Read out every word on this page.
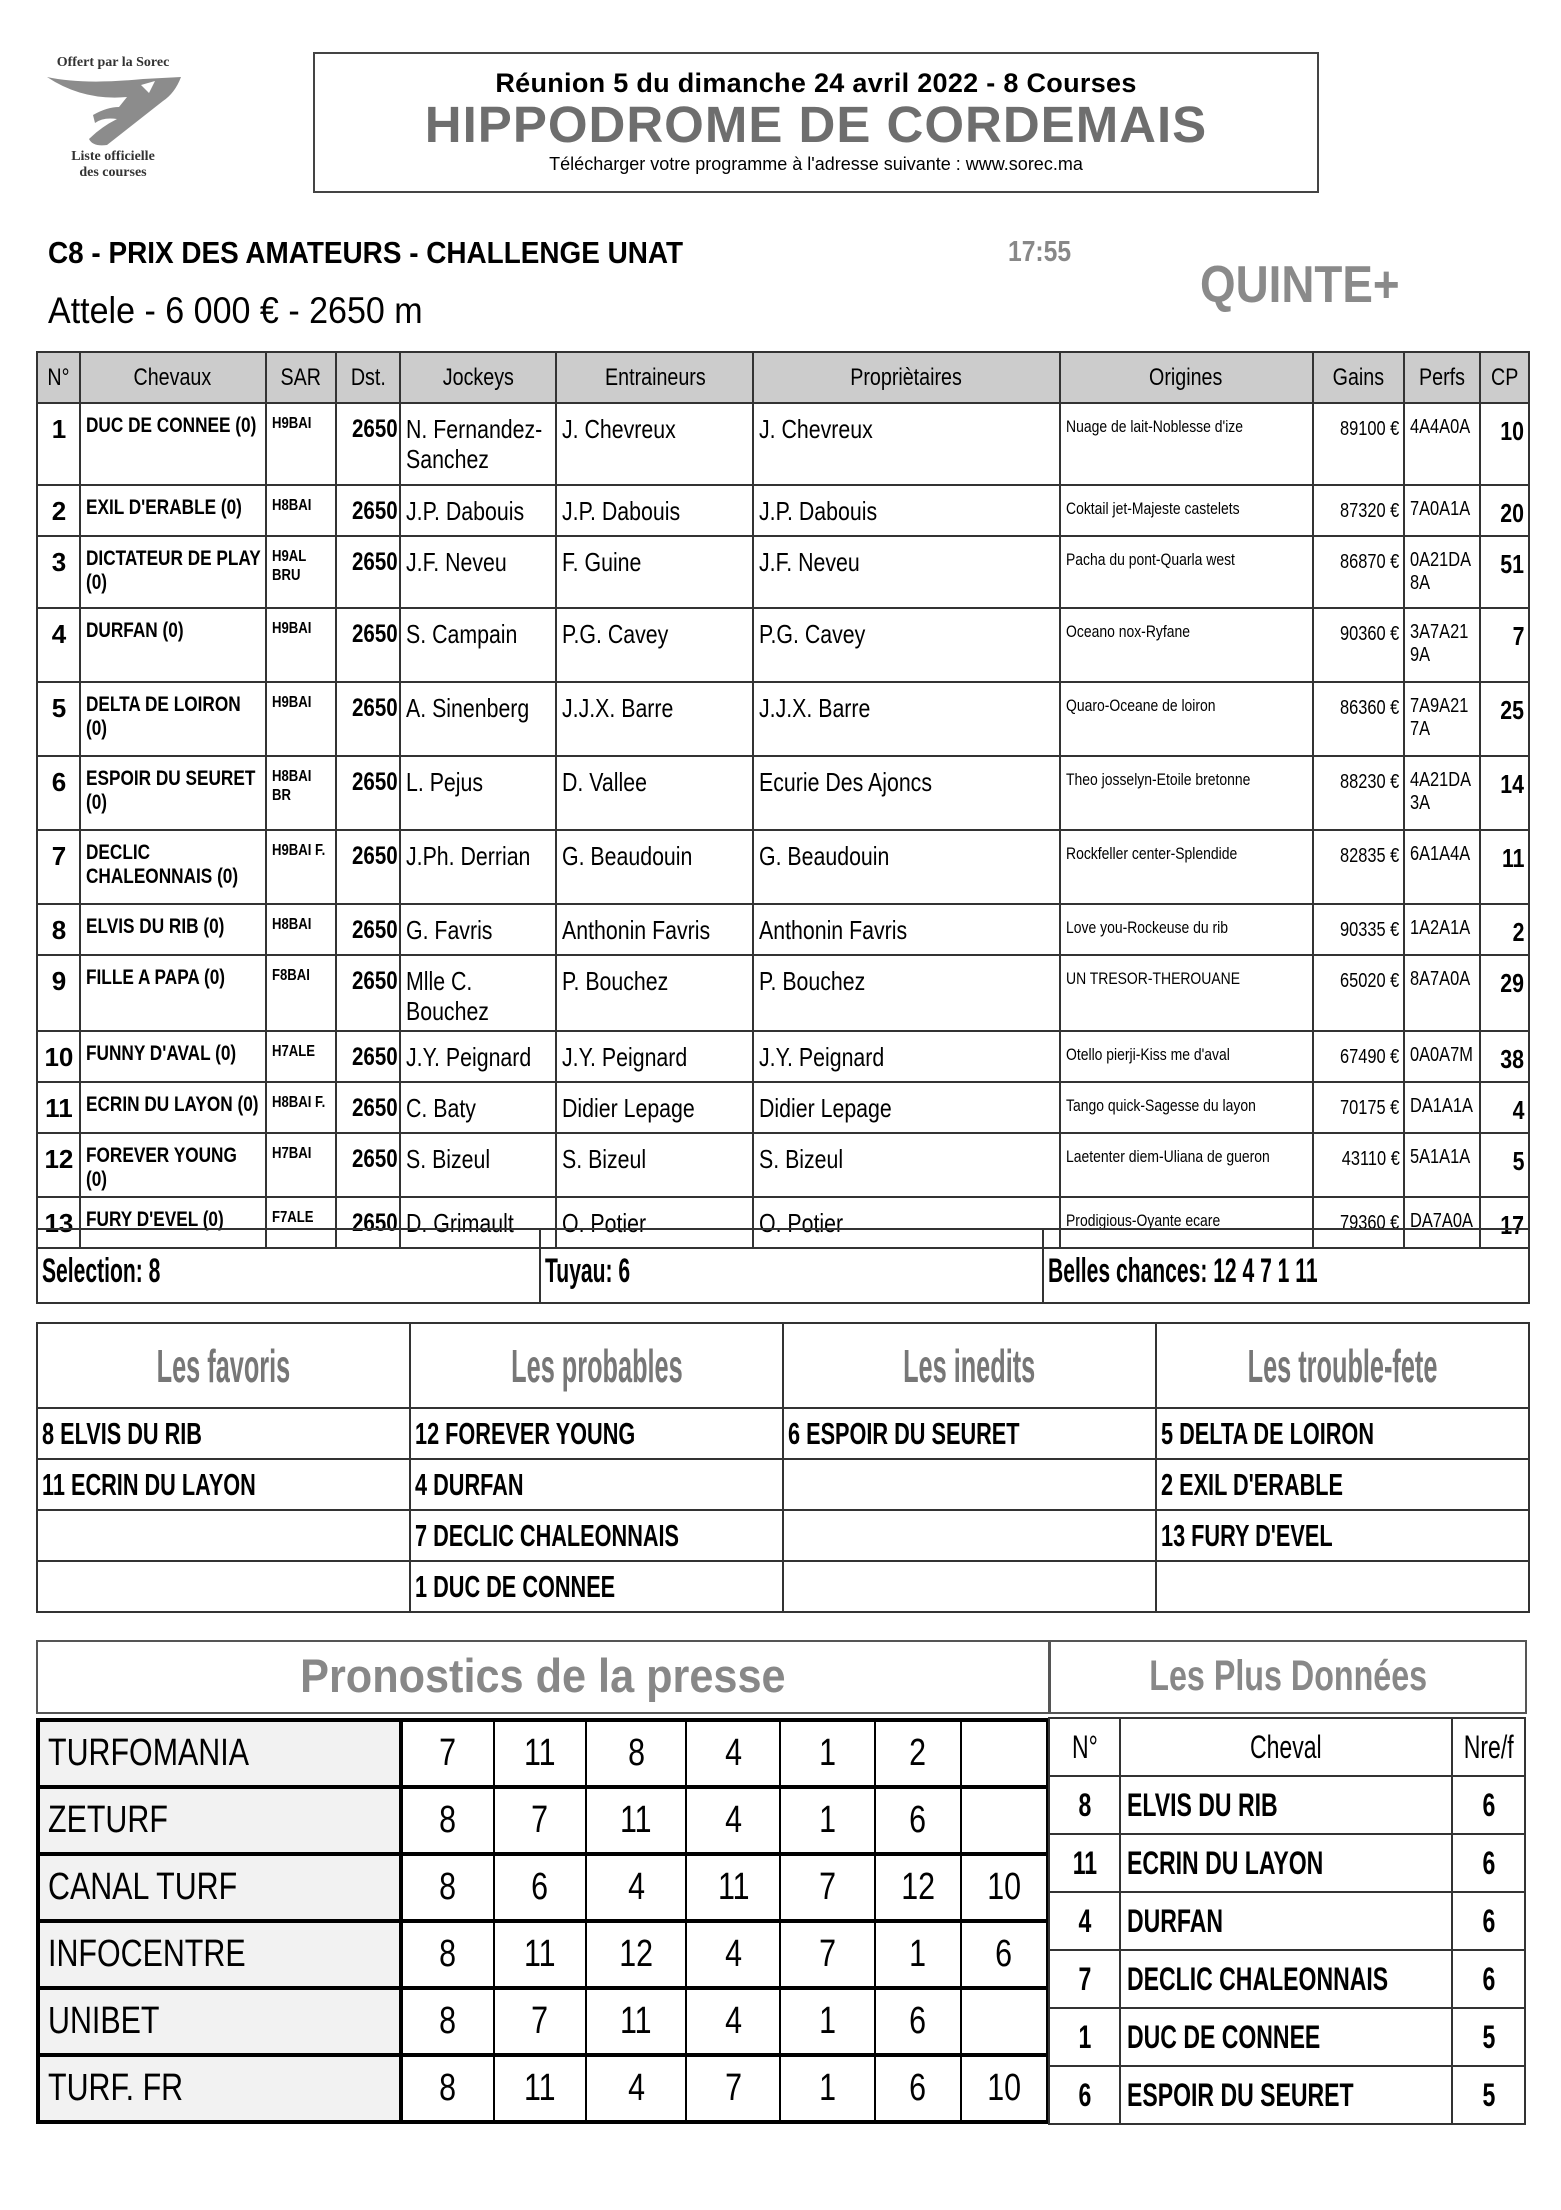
Offert par la Sorec
Liste officielle
des courses
Réunion 5 du dimanche 24 avril 2022 - 8 Courses
HIPPODROME DE CORDEMAIS
Télécharger votre programme à l'adresse suivante : www.sorec.ma
C8 - PRIX DES AMATEURS - CHALLENGE UNAT	17:55
QUINTE+
Attele - 6 000 € - 2650 m
N°	Chevaux	SAR	Dst.	Jockeys	Entraineurs	Propriètaires	Origines	Gains	Perfs	CP
1	DUC DE CONNEE (0)	H9BAI	2650	N. Fernandez-Sanchez	J. Chevreux	J. Chevreux	Nuage de lait-Noblesse d'ize	89100 €	4A4A0A	10
2	EXIL D'ERABLE (0)	H8BAI	2650	J.P. Dabouis	J.P. Dabouis	J.P. Dabouis	Coktail jet-Majeste castelets	87320 €	7A0A1A	20
3	DICTATEUR DE PLAY (0)	H9AL BRU	2650	J.F. Neveu	F. Guine	J.F. Neveu	Pacha du pont-Quarla west	86870 €	0A21DA 8A	51
4	DURFAN (0)	H9BAI	2650	S. Campain	P.G. Cavey	P.G. Cavey	Oceano nox-Ryfane	90360 €	3A7A21 9A	7
5	DELTA DE LOIRON (0)	H9BAI	2650	A. Sinenberg	J.J.X. Barre	J.J.X. Barre	Quaro-Oceane de loiron	86360 €	7A9A21 7A	25
6	ESPOIR DU SEURET (0)	H8BAI BR	2650	L. Pejus	D. Vallee	Ecurie Des Ajoncs	Theo josselyn-Etoile bretonne	88230 €	4A21DA 3A	14
7	DECLIC CHALEONNAIS (0)	H9BAI F.	2650	J.Ph. Derrian	G. Beaudouin	G. Beaudouin	Rockfeller center-Splendide	82835 €	6A1A4A	11
8	ELVIS DU RIB (0)	H8BAI	2650	G. Favris	Anthonin Favris	Anthonin Favris	Love you-Rockeuse du rib	90335 €	1A2A1A	2
9	FILLE A PAPA (0)	F8BAI	2650	Mlle C. Bouchez	P. Bouchez	P. Bouchez	UN TRESOR-THEROUANE	65020 €	8A7A0A	29
10	FUNNY D'AVAL (0)	H7ALE	2650	J.Y. Peignard	J.Y. Peignard	J.Y. Peignard	Otello pierji-Kiss me d'aval	67490 €	0A0A7M	38
11	ECRIN DU LAYON (0)	H8BAI F.	2650	C. Baty	Didier Lepage	Didier Lepage	Tango quick-Sagesse du layon	70175 €	DA1A1A	4
12	FOREVER YOUNG (0)	H7BAI	2650	S. Bizeul	S. Bizeul	S. Bizeul	Laetenter diem-Uliana de gueron	43110 €	5A1A1A	5
13	FURY D'EVEL (0)	F7ALE	2650	D. Grimault	O. Potier	O. Potier	Prodigious-Oyante ecare	79360 €	DA7A0A	17
Selection: 8	Tuyau: 6	Belles chances: 12 4 7 1 11
Les favoris	Les probables	Les inedits	Les trouble-fete
8 ELVIS DU RIB	12 FOREVER YOUNG	6 ESPOIR DU SEURET	5 DELTA DE LOIRON
11 ECRIN DU LAYON	4 DURFAN		2 EXIL D'ERABLE
	7 DECLIC CHALEONNAIS		13 FURY D'EVEL
	1 DUC DE CONNEE		
Pronostics de la presse
TURFOMANIA	7	11	8	4	1	2	
ZETURF	8	7	11	4	1	6	
CANAL TURF	8	6	4	11	7	12	10
INFOCENTRE	8	11	12	4	7	1	6
UNIBET	8	7	11	4	1	6	
TURF. FR	8	11	4	7	1	6	10
Les Plus Données
N°	Cheval	Nre/f
8	ELVIS DU RIB	6
11	ECRIN DU LAYON	6
4	DURFAN	6
7	DECLIC CHALEONNAIS	6
1	DUC DE CONNEE	5
6	ESPOIR DU SEURET	5
